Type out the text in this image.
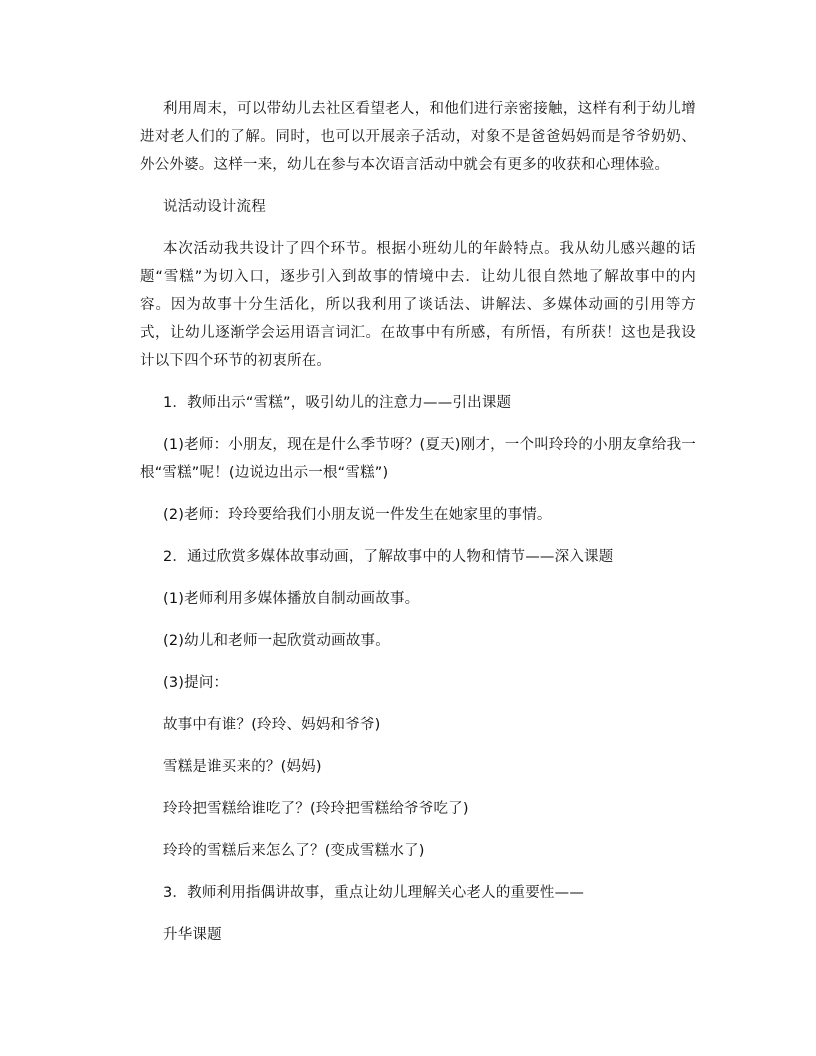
利用周末，可以带幼儿去社区看望老人，和他们进行亲密接触，这样有利于幼儿增进对老人们的了解。同时，也可以开展亲子活动，对象不是爸爸妈妈而是爷爷奶奶、外公外婆。这样一来，幼儿在参与本次语言活动中就会有更多的收获和心理体验。

说活动设计流程

本次活动我共设计了四个环节。根据小班幼儿的年龄特点。我从幼儿感兴趣的话题“雪糕”为切入口，逐步引入到故事的情境中去．让幼儿很自然地了解故事中的内容。因为故事十分生活化，所以我利用了谈话法、讲解法、多媒体动画的引用等方式，让幼儿逐渐学会运用语言词汇。在故事中有所感，有所悟，有所获！这也是我设计以下四个环节的初衷所在。

1．教师出示“雪糕”，吸引幼儿的注意力——引出课题

(1)老师：小朋友，现在是什么季节呀？(夏天)刚才，一个叫玲玲的小朋友拿给我一根“雪糕”呢！(边说边出示一根“雪糕”)

(2)老师：玲玲要给我们小朋友说一件发生在她家里的事情。

2．通过欣赏多媒体故事动画，了解故事中的人物和情节——深入课题

(1)老师利用多媒体播放自制动画故事。

(2)幼儿和老师一起欣赏动画故事。

(3)提问：

故事中有谁？(玲玲、妈妈和爷爷)

雪糕是谁买来的？(妈妈)

玲玲把雪糕给谁吃了？(玲玲把雪糕给爷爷吃了)

玲玲的雪糕后来怎么了？(变成雪糕水了)

3．教师利用指偶讲故事，重点让幼儿理解关心老人的重要性——

升华课题
